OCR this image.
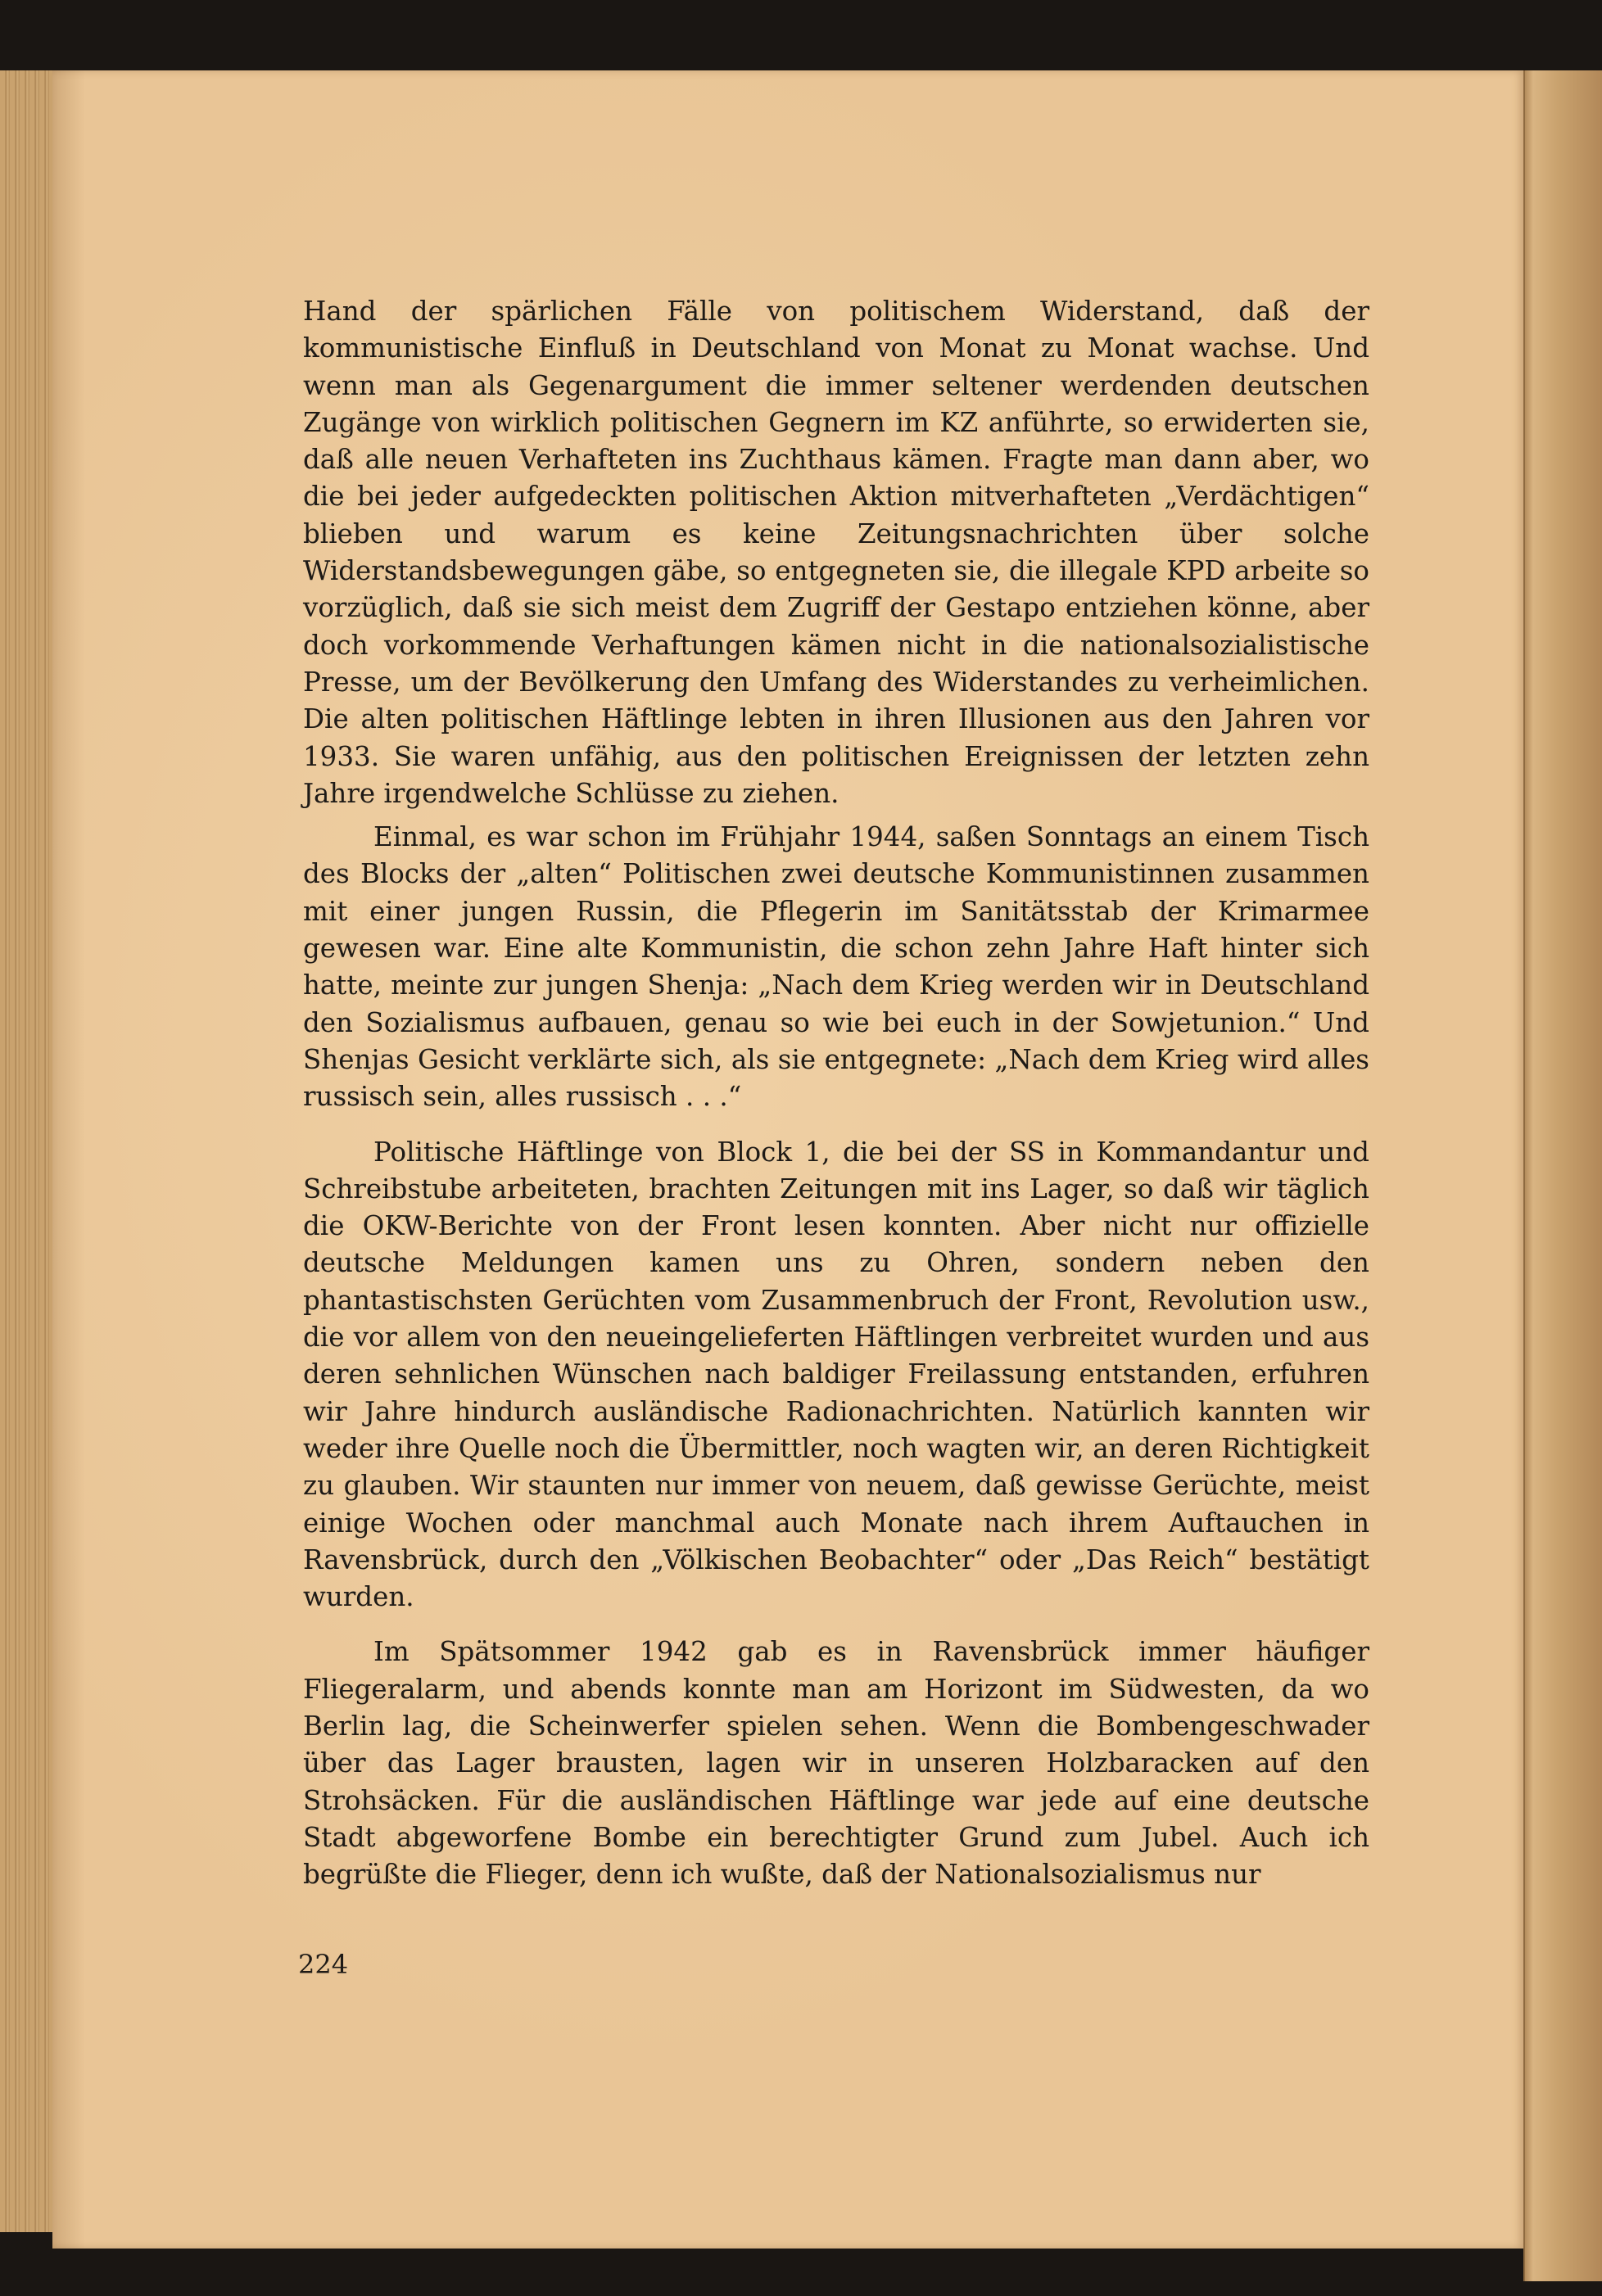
Hand der spärlichen Fälle von politischem Widerstand, daß der kommunistische Einfluß in Deutschland von Monat zu Monat wachse. Und wenn man als Gegenargument die immer seltener werdenden deutschen Zugänge von wirklich politischen Gegnern im KZ anführte, so erwiderten sie, daß alle neuen Verhafteten ins Zuchthaus kämen. Fragte man dann aber, wo die bei jeder aufgedeckten politischen Aktion mitverhafteten „Verdächtigen“ blieben und warum es keine Zeitungsnachrichten über solche Widerstandsbewegungen gäbe, so entgegneten sie, die illegale KPD arbeite so vorzüglich, daß sie sich meist dem Zugriff der Gestapo entziehen könne, aber doch vorkommende Verhaftungen kämen nicht in die nationalsozialistische Presse, um der Bevölkerung den Umfang des Widerstandes zu verheimlichen. Die alten politischen Häftlinge lebten in ihren Illusionen aus den Jahren vor 1933. Sie waren unfähig, aus den politischen Ereignissen der letzten zehn Jahre irgendwelche Schlüsse zu ziehen.

Einmal, es war schon im Frühjahr 1944, saßen Sonntags an einem Tisch des Blocks der „alten“ Politischen zwei deutsche Kommunistinnen zusammen mit einer jungen Russin, die Pflegerin im Sanitätsstab der Krimarmee gewesen war. Eine alte Kommunistin, die schon zehn Jahre Haft hinter sich hatte, meinte zur jungen Shenja: „Nach dem Krieg werden wir in Deutschland den Sozialismus aufbauen, genau so wie bei euch in der Sowjetunion.“ Und Shenjas Gesicht verklärte sich, als sie entgegnete: „Nach dem Krieg wird alles russisch sein, alles russisch . . .“

Politische Häftlinge von Block 1, die bei der SS in Kommandantur und Schreibstube arbeiteten, brachten Zeitungen mit ins Lager, so daß wir täglich die OKW-Berichte von der Front lesen konnten. Aber nicht nur offizielle deutsche Meldungen kamen uns zu Ohren, sondern neben den phantastischsten Gerüchten vom Zusammenbruch der Front, Revolution usw., die vor allem von den neueingelieferten Häftlingen verbreitet wurden und aus deren sehnlichen Wünschen nach baldiger Freilassung entstanden, erfuhren wir Jahre hindurch ausländische Radionachrichten. Natürlich kannten wir weder ihre Quelle noch die Übermittler, noch wagten wir, an deren Richtigkeit zu glauben. Wir staunten nur immer von neuem, daß gewisse Gerüchte, meist einige Wochen oder manchmal auch Monate nach ihrem Auftauchen in Ravensbrück, durch den „Völkischen Beobachter“ oder „Das Reich“ bestätigt wurden.

Im Spätsommer 1942 gab es in Ravensbrück immer häufiger Fliegeralarm, und abends konnte man am Horizont im Südwesten, da wo Berlin lag, die Scheinwerfer spielen sehen. Wenn die Bombengeschwader über das Lager brausten, lagen wir in unseren Holzbaracken auf den Strohsäcken. Für die ausländischen Häftlinge war jede auf eine deutsche Stadt abgeworfene Bombe ein berechtigter Grund zum Jubel. Auch ich begrüßte die Flieger, denn ich wußte, daß der Nationalsozialismus nur

224
